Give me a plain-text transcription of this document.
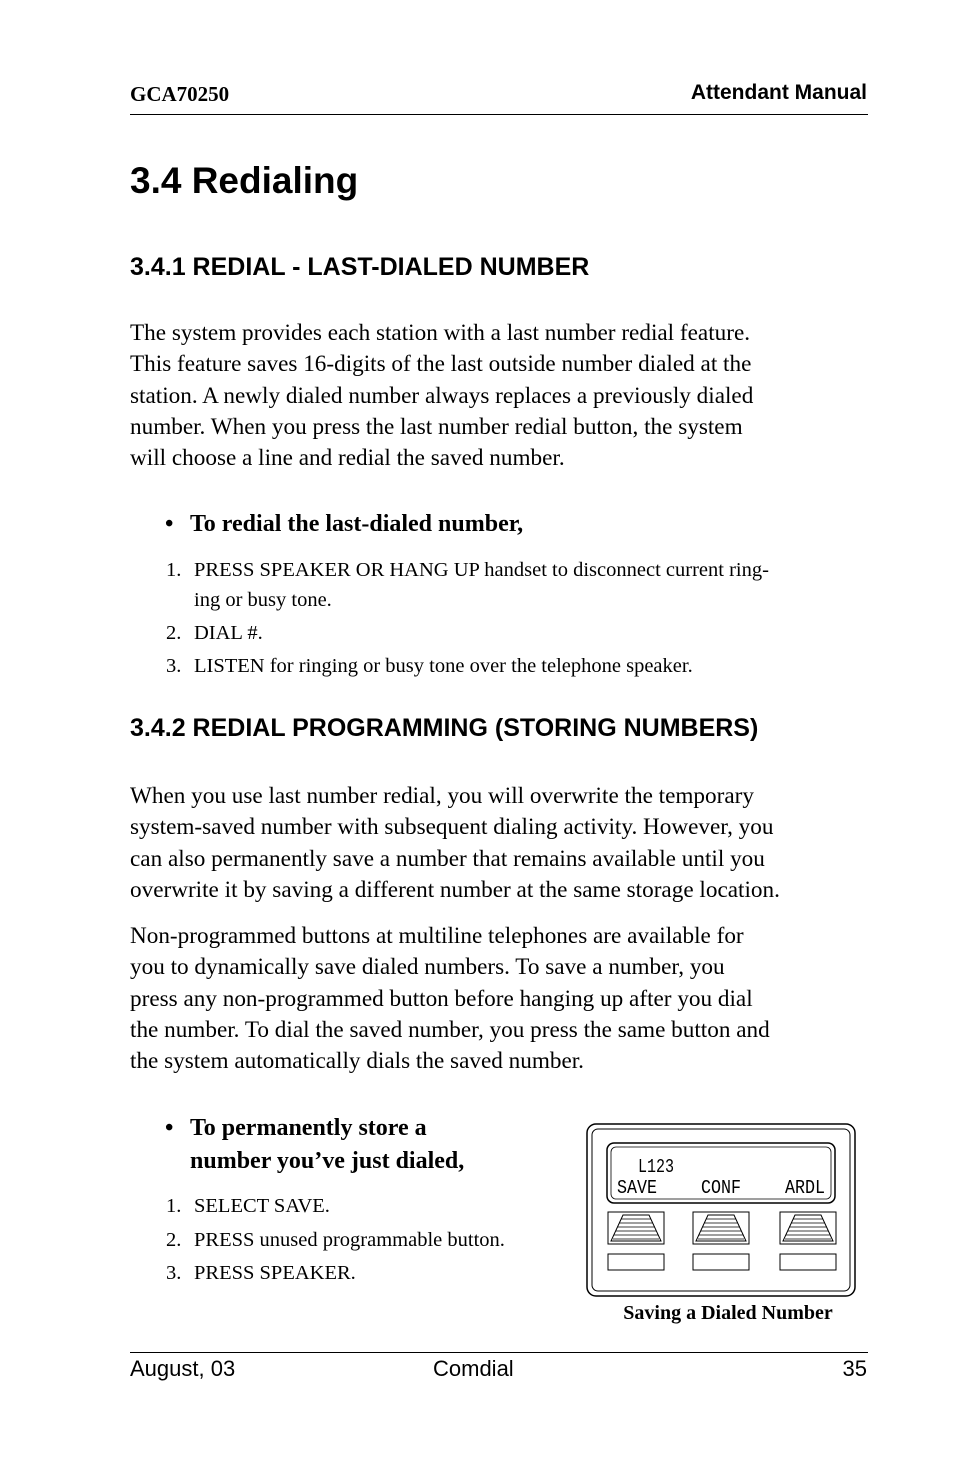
GCA70250	Attendant Manual
3.4 Redialing
3.4.1 REDIAL - LAST-DIALED NUMBER
The system provides each station with a last number redial feature.
This feature saves 16-digits of the last outside number dialed at the
station. A newly dialed number always replaces a previously dialed
number. When you press the last number redial button, the system
will choose a line and redial the saved number.
• To redial the last-dialed number,
1. PRESS SPEAKER OR HANG UP handset to disconnect current ring-
ing or busy tone.
2. DIAL #.
3. LISTEN for ringing or busy tone over the telephone speaker.
3.4.2 REDIAL PROGRAMMING (STORING NUMBERS)
When you use last number redial, you will overwrite the temporary
system-saved number with subsequent dialing activity. However, you
can also permanently save a number that remains available until you
overwrite it by saving a different number at the same storage location.
Non-programmed buttons at multiline telephones are available for
you to dynamically save dialed numbers. To save a number, you
press any non-programmed button before hanging up after you dial
the number. To dial the saved number, you press the same button and
the system automatically dials the saved number.
• To permanently store a
number you’ve just dialed,
1. SELECT SAVE.
2. PRESS unused programmable button.
3. PRESS SPEAKER.
L123
SAVE CONF ARDL
Saving a Dialed Number
August, 03	Comdial	35
